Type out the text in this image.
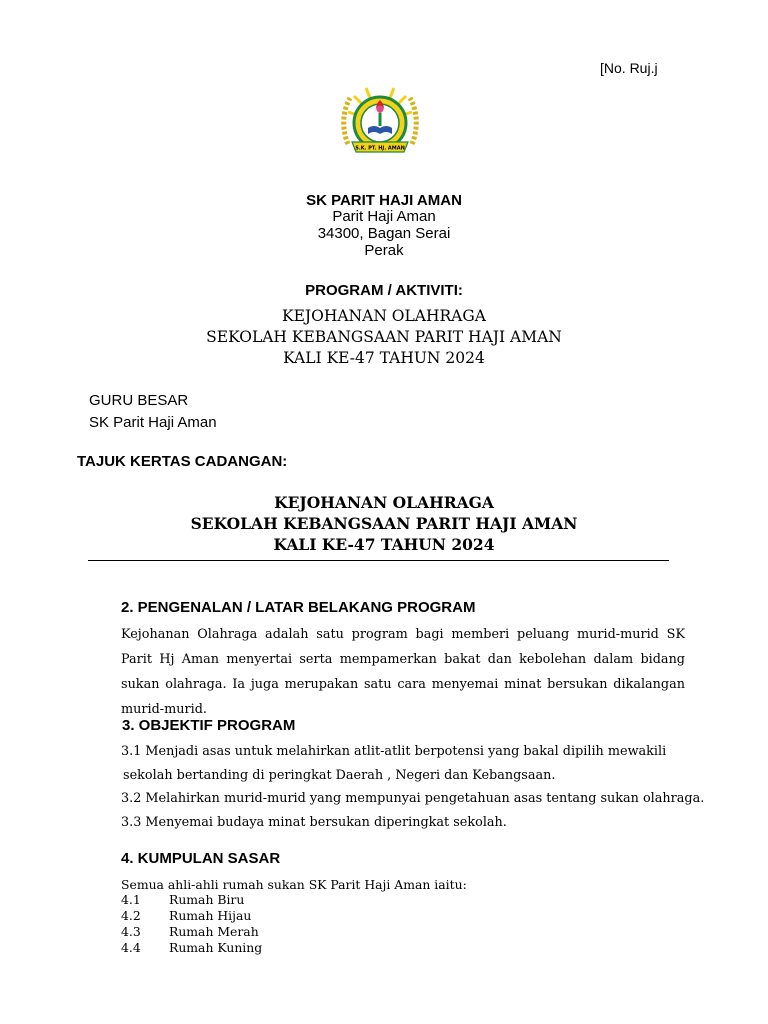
[No. Ruj.j
S.K. PT. HJ. AMAN
SK PARIT HAJI AMAN
Parit Haji Aman
34300, Bagan Serai
Perak
PROGRAM / AKTIVITI:
KEJOHANAN OLAHRAGA
SEKOLAH KEBANGSAAN PARIT HAJI AMAN
KALI KE-47 TAHUN 2024
GURU BESAR
SK Parit Haji Aman
TAJUK KERTAS CADANGAN:
KEJOHANAN OLAHRAGA
SEKOLAH KEBANGSAAN PARIT HAJI AMAN
KALI KE-47 TAHUN 2024
2. PENGENALAN / LATAR BELAKANG PROGRAM
Kejohanan Olahraga adalah satu program bagi memberi peluang murid-murid SK Parit Hj Aman menyertai serta mempamerkan bakat dan kebolehan dalam bidang sukan olahraga. Ia juga merupakan satu cara menyemai minat bersukan dikalangan murid-murid.
3. OBJEKTIF PROGRAM
3.1 Menjadi asas untuk melahirkan atlit-atlit berpotensi yang bakal dipilih mewakili
sekolah bertanding di peringkat Daerah , Negeri dan Kebangsaan.
3.2 Melahirkan murid-murid yang mempunyai pengetahuan asas tentang sukan olahraga.
3.3 Menyemai budaya minat bersukan diperingkat sekolah.
4. KUMPULAN SASAR
Semua ahli-ahli rumah sukan SK Parit Haji Aman iaitu:
4.1 Rumah Biru
4.2 Rumah Hijau
4.3 Rumah Merah
4.4 Rumah Kuning
